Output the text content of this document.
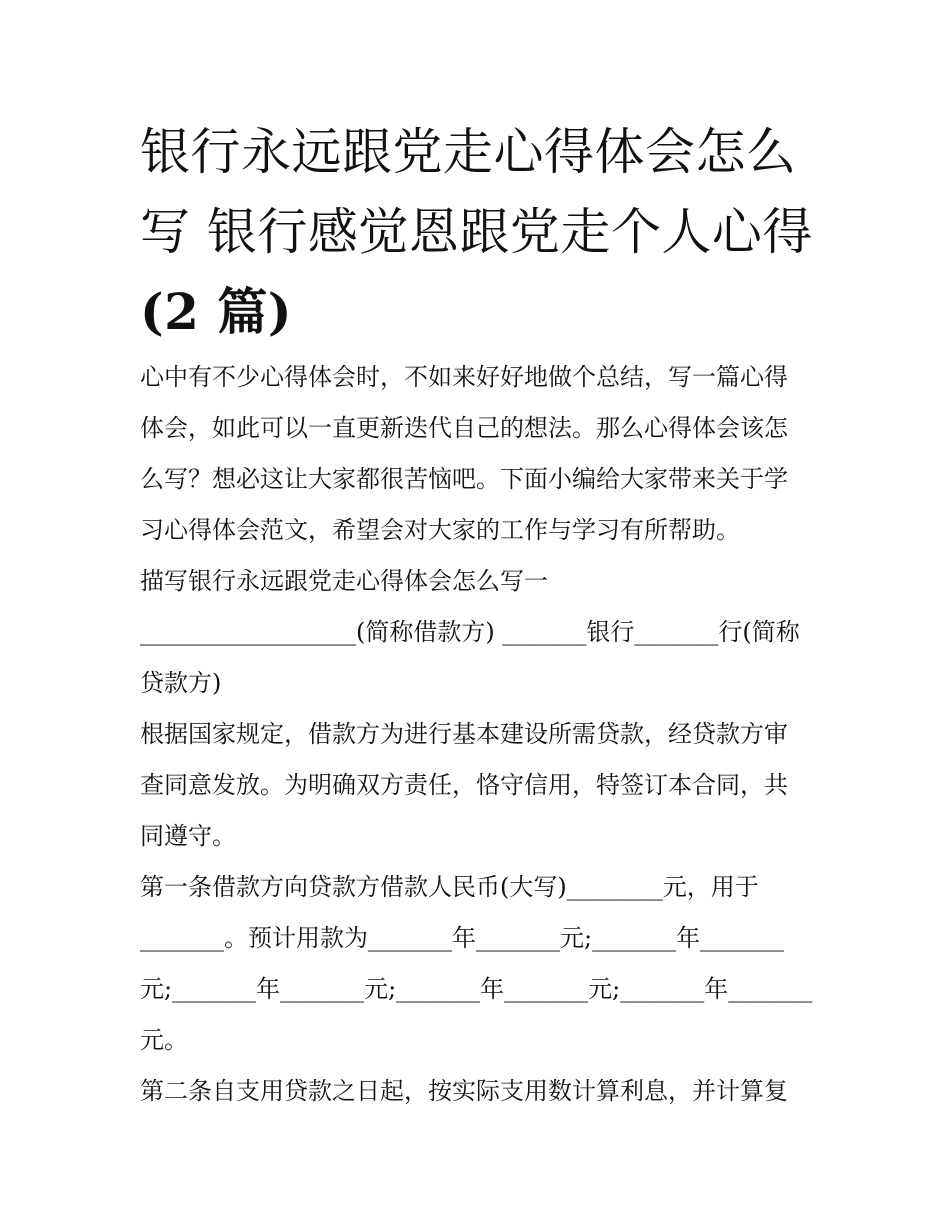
银行永远跟党走心得体会怎么
写 银行感觉恩跟党走个人心得
(2 篇)

心中有不少心得体会时，不如来好好地做个总结，写一篇心得

体会，如此可以一直更新迭代自己的想法。那么心得体会该怎

么写？想必这让大家都很苦恼吧。下面小编给大家带来关于学

习心得体会范文，希望会对大家的工作与学习有所帮助。

描写银行永远跟党走心得体会怎么写一

__________________(简称借款方) _______银行_______行(简称

贷款方)

根据国家规定，借款方为进行基本建设所需贷款，经贷款方审

查同意发放。为明确双方责任，恪守信用，特签订本合同，共

同遵守。

第一条借款方向贷款方借款人民币(大写)________元，用于

_______。预计用款为_______年_______元;_______年_______

元;_______年_______元;_______年_______元;_______年_______

元。

第二条自支用贷款之日起，按实际支用数计算利息，并计算复
